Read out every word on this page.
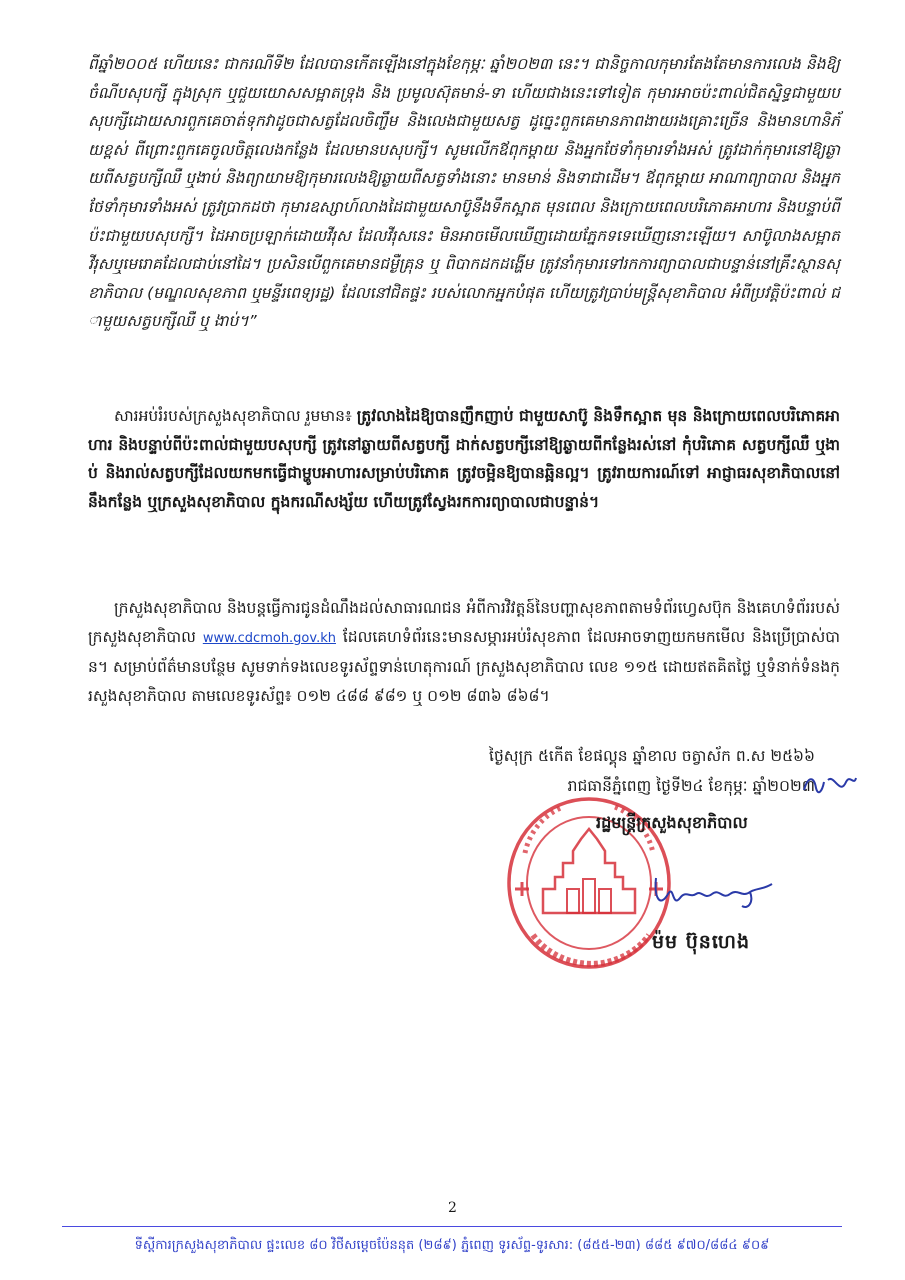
ពីឆ្នាំ២០០៥ ហើយនេះ ជាករណីទី២ ដែលបានកើតឡើងនៅក្នុងខែកុម្ភៈ ឆ្នាំ២០២៣ នេះ។ ជានិច្ចកាលកុមារតែងតែមានការលេង និងឱ្យចំណីបសុបក្សី ក្នុងស្រុក ឬជួយយោសសម្អាតទ្រុង និង ប្រមូលស៊ុតមាន់-ទា ហើយជាងនេះទៅទៀត កុមារអាចប៉ះពាល់ជិតស្និទ្ធជាមួយបសុបក្សីដោយសារពួកគេចាត់ទុកវាដូចជាសត្វដែលចិញ្ចឹម និងលេងជាមួយសត្វ ដូច្នេះពួកគេមានភាពងាយរងគ្រោះច្រើន និងមានហានិភ័យខ្ពស់ ពីព្រោះពួកគេចូលចិត្តលេងកន្លែង ដែលមានបសុបក្សី។ សូមលើកឪពុកម្ដាយ និងអ្នកថែទាំកុមារទាំងអស់ ត្រូវដាក់កុមារនៅឱ្យឆ្ងាយពីសត្វបក្សីឈឺ ឬងាប់ និងព្យាយាមឱ្យកុមារលេងឱ្យឆ្ងាយពីសត្វទាំងនោះ មានមាន់ និងទាជាដើម។ ឪពុកម្ដាយ អាណាព្យាបាល និងអ្នកថែទាំកុមារទាំងអស់ ត្រូវប្រាកដថា កុមារឧស្សាហ៍លាងដៃជាមួយសាប៊ូនឹងទឹកស្អាត មុនពេល និងក្រោយពេលបរិភោគអាហារ និងបន្ទាប់ពីប៉ះជាមួយបសុបក្សី។ ដៃអាចប្រឡាក់ដោយវីរុស ដែលវីរុសនេះ មិនអាចមើលឃើញដោយភ្នែកទទេឃើញនោះឡើយ។ សាប៊ូលាងសម្អាតវីរុសឬមេរោគដែលជាប់នៅដៃ។ ប្រសិនបើពួកគេមានជម្ងឺគ្រុន ឬ ពិបាកដកដង្ហើម ត្រូវនាំកុមារទៅរកការព្យាបាលជាបន្ទាន់នៅគ្រឹះស្ថានសុខាភិបាល (មណ្ឌលសុខភាព ឬមន្ទីរពេទ្យរដ្ឋ) ដែលនៅជិតផ្ទះ របស់លោកអ្នកបំផុត ហើយត្រូវប្រាប់មន្ត្រីសុខាភិបាល អំពីប្រវត្តិប៉ះពាល់ ជាមួយសត្វបក្សីឈឺ ឬ ងាប់។”
សារអប់រំរបស់ក្រសួងសុខាភិបាល រួមមាន៖ ត្រូវលាងដៃឱ្យបានញឹកញាប់ ជាមួយសាប៊ូ និងទឹកស្អាត មុន និងក្រោយពេលបរិភោគអាហារ និងបន្ទាប់ពីប៉ះពាល់ជាមួយបសុបក្សី ត្រូវនៅឆ្ងាយពីសត្វបក្សី ដាក់សត្វបក្សីនៅឱ្យឆ្ងាយពីកន្លែងរស់នៅ កុំបរិភោគ សត្វបក្សីឈឺ ឬងាប់ និងរាល់សត្វបក្សីដែលយកមកធ្វើជាម្ហូបអាហារសម្រាប់បរិភោគ ត្រូវចម្អិនឱ្យបានឆ្អិនល្អ។ ត្រូវរាយការណ៍ទៅ អាជ្ញាធរសុខាភិបាលនៅនឹងកន្លែង ឬក្រសួងសុខាភិបាល ក្នុងករណីសង្ស័យ ហើយត្រូវស្វែងរកការព្យាបាលជាបន្ទាន់។
ក្រសួងសុខាភិបាល និងបន្តធ្វើការជូនដំណឹងដល់សាធារណជន អំពីការវិវត្តន៍នៃបញ្ហាសុខភាពតាមទំព័រហ្វេសប៊ុក និងគេហទំព័ររបស់ក្រសួងសុខាភិបាល www.cdcmoh.gov.kh ដែលគេហទំព័រនេះមានសម្ភារអប់រំសុខភាព ដែលអាចទាញយកមកមើល និងប្រើប្រាស់បាន។ សម្រាប់ព័ត៌មានបន្ថែម សូមទាក់ទងលេខទូរស័ព្ទទាន់ហេតុការណ៍ ក្រសួងសុខាភិបាល លេខ ១១៥ ដោយឥតគិតថ្លៃ ឬទំនាក់ទំនងក្រសួងសុខាភិបាល តាមលេខទូរស័ព្ទ៖ ០១២ ៤៨៨ ៩៨១ ឬ ០១២ ៨៣៦ ៨៦៨។
ថ្ងៃសុក្រ ៥កើត ខែផល្គុន ឆ្នាំខាល ចត្វាស័ក ព.ស ២៥៦៦
រាជធានីភ្នំពេញ ថ្ងៃទី២៤ ខែកុម្ភៈ ឆ្នាំ២០២៣
រដ្ឋមន្ត្រីក្រសួងសុខាភិបាល
ម៉ម ប៊ុនហេង
2
ទីស្ដីការក្រសួងសុខាភិបាល ផ្ទះលេខ ៨០ វិថីសម្ដេចប៉ែននុត (២៨៩) ភ្នំពេញ ទូរស័ព្ទ-ទូរសារ: (៨៥៥-២៣) ៨៨៥ ៩៧០/៨៨៤ ៩០៩
